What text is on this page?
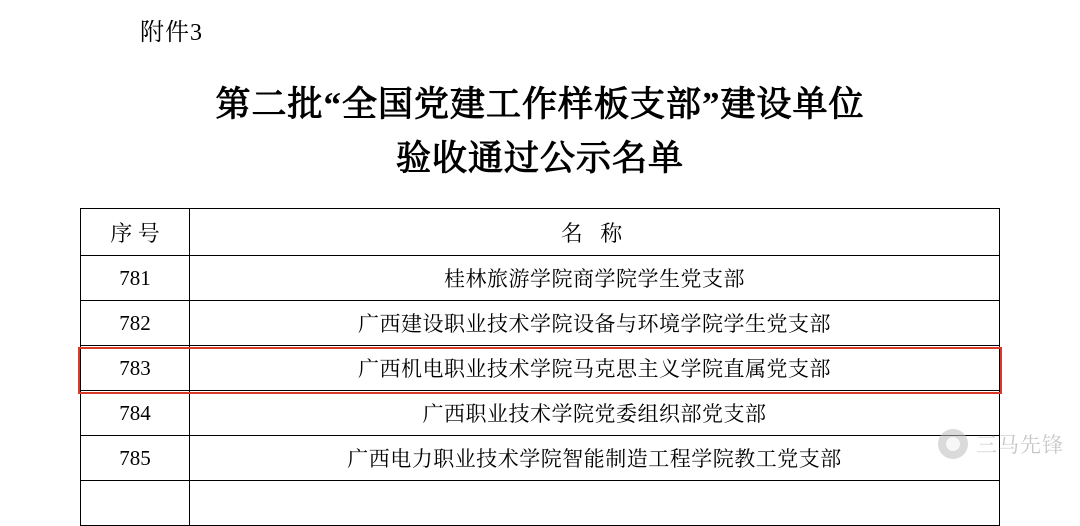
附件3
第二批“全国党建工作样板支部”建设单位
验收通过公示名单
序 号	名 称
781	桂林旅游学院商学院学生党支部
782	广西建设职业技术学院设备与环境学院学生党支部
783	广西机电职业技术学院马克思主义学院直属党支部
784	广西职业技术学院党委组织部党支部
785	广西电力职业技术学院智能制造工程学院教工党支部

三马先锋
